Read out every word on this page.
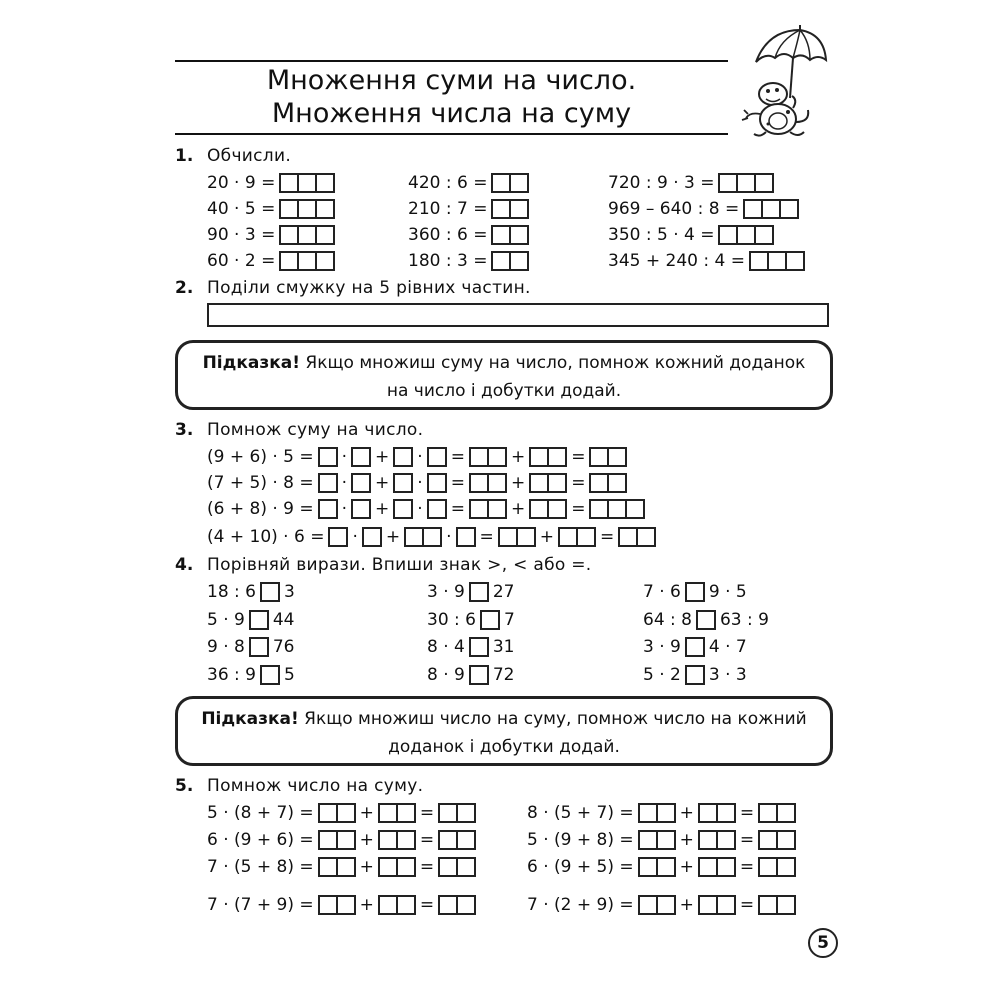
Множення суми на число.
Множення числа на суму
1. Обчисли.
20 · 9 =	420 : 6 =	720 : 9 · 3 =
40 · 5 =	210 : 7 =	969 – 640 : 8 =
90 · 3 =	360 : 6 =	350 : 5 · 4 =
60 · 2 =	180 : 3 =	345 + 240 : 4 =
2. Поділи смужку на 5 рівних частин.
Підказка! Якщо множиш суму на число, помнож кожний доданок
на число і добутки додай.
3. Помнож суму на число.
(9 + 6) · 5 = · + · =	+	=
(7 + 5) · 8 = · + · =	+	=
(6 + 8) · 9 = · + · =	+	=
(4 + 10) · 6 = · +	· =	+	=
4. Порівняй вирази. Впиши знак >, < або =.
18 : 6 3	3 · 9 27	7 · 6 9 · 5
5 · 9 44	30 : 6 7	64 : 8 63 : 9
9 · 8 76	8 · 4 31	3 · 9 4 · 7
36 : 9 5	8 · 9 72	5 · 2 3 · 3
Підказка! Якщо множиш число на суму, помнож число на кожний
доданок і добутки додай.
5. Помнож число на суму.
5 · (8 + 7) =	+	=	8 · (5 + 7) =	+	=
6 · (9 + 6) =	+	=	5 · (9 + 8) =	+	=
7 · (5 + 8) =	+	=	6 · (9 + 5) =	+	=
7 · (7 + 9) =	+	=	7 · (2 + 9) =	+	=
5
